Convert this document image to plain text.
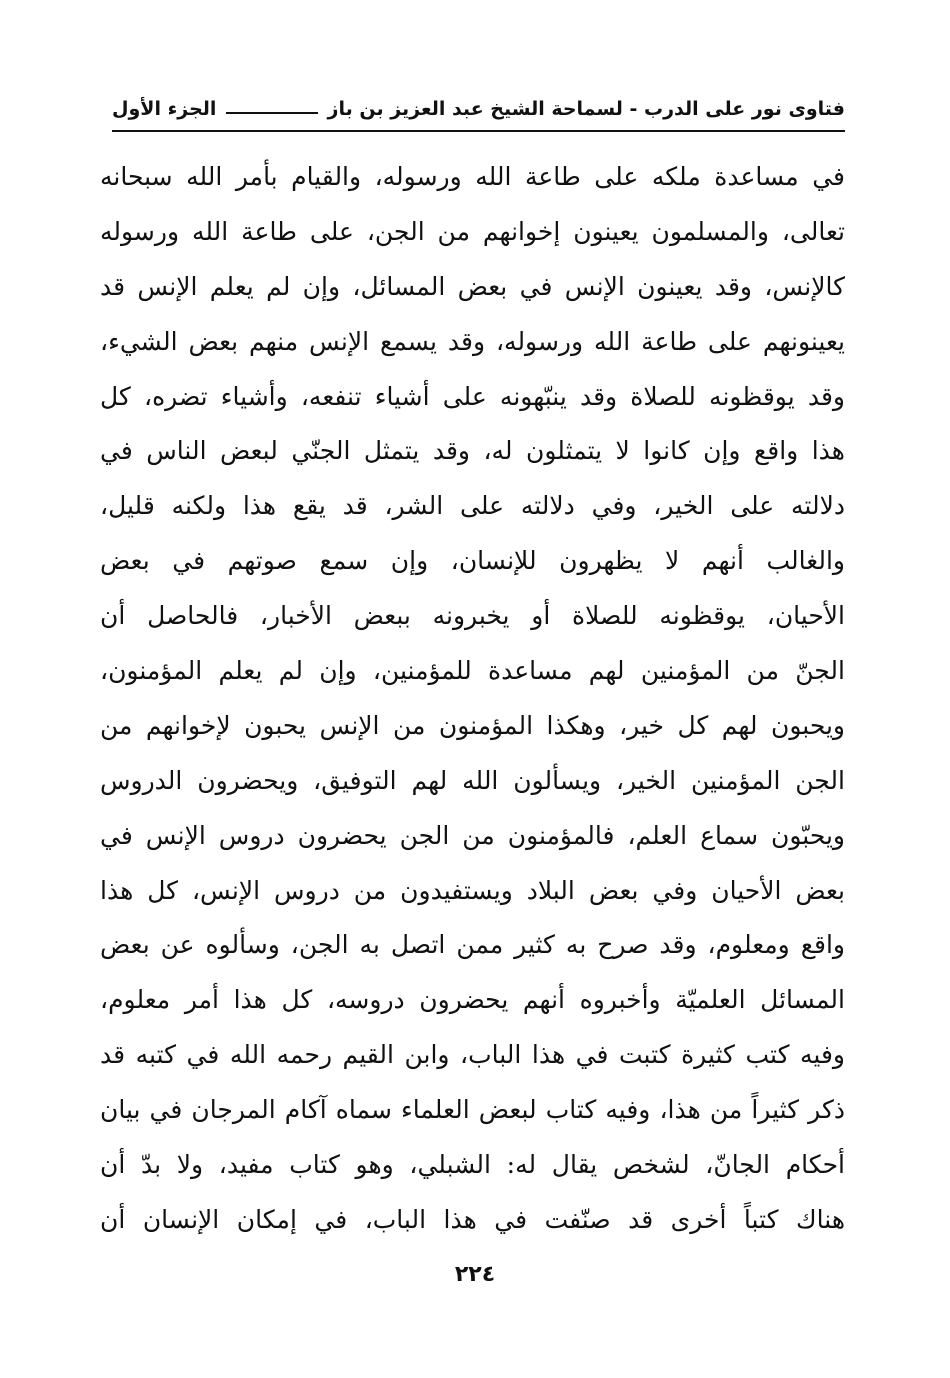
فتاوى نور على الدرب - لسماحة الشيخ عبد العزيز بن باز
الجزء الأول
في مساعدة ملكه على طاعة الله ورسوله، والقيام بأمر الله سبحانه
تعالى، والمسلمون يعينون إخوانهم من الجن، على طاعة الله ورسوله
كالإنس، وقد يعينون الإنس في بعض المسائل، وإن لم يعلم الإنس قد
يعينونهم على طاعة الله ورسوله، وقد يسمع الإنس منهم بعض الشيء،
وقد يوقظونه للصلاة وقد ينبّهونه على أشياء تنفعه، وأشياء تضره، كل
هذا واقع وإن كانوا لا يتمثلون له، وقد يتمثل الجنّي لبعض الناس في
دلالته على الخير، وفي دلالته على الشر، قد يقع هذا ولكنه قليل،
والغالب أنهم لا يظهرون للإنسان، وإن سمع صوتهم في بعض
الأحيان، يوقظونه للصلاة أو يخبرونه ببعض الأخبار، فالحاصل أن
الجنّ من المؤمنين لهم مساعدة للمؤمنين، وإن لم يعلم المؤمنون،
ويحبون لهم كل خير، وهكذا المؤمنون من الإنس يحبون لإخوانهم من
الجن المؤمنين الخير، ويسألون الله لهم التوفيق، ويحضرون الدروس
ويحبّون سماع العلم، فالمؤمنون من الجن يحضرون دروس الإنس في
بعض الأحيان وفي بعض البلاد ويستفيدون من دروس الإنس، كل هذا
واقع ومعلوم، وقد صرح به كثير ممن اتصل به الجن، وسألوه عن بعض
المسائل العلميّة وأخبروه أنهم يحضرون دروسه، كل هذا أمر معلوم،
وفيه كتب كثيرة كتبت في هذا الباب، وابن القيم رحمه الله في كتبه قد
ذكر كثيراً من هذا، وفيه كتاب لبعض العلماء سماه آكام المرجان في بيان
أحكام الجانّ، لشخص يقال له: الشبلي، وهو كتاب مفيد، ولا بدّ أن
هناك كتباً أخرى قد صنّفت في هذا الباب، في إمكان الإنسان أن
٢٢٤
